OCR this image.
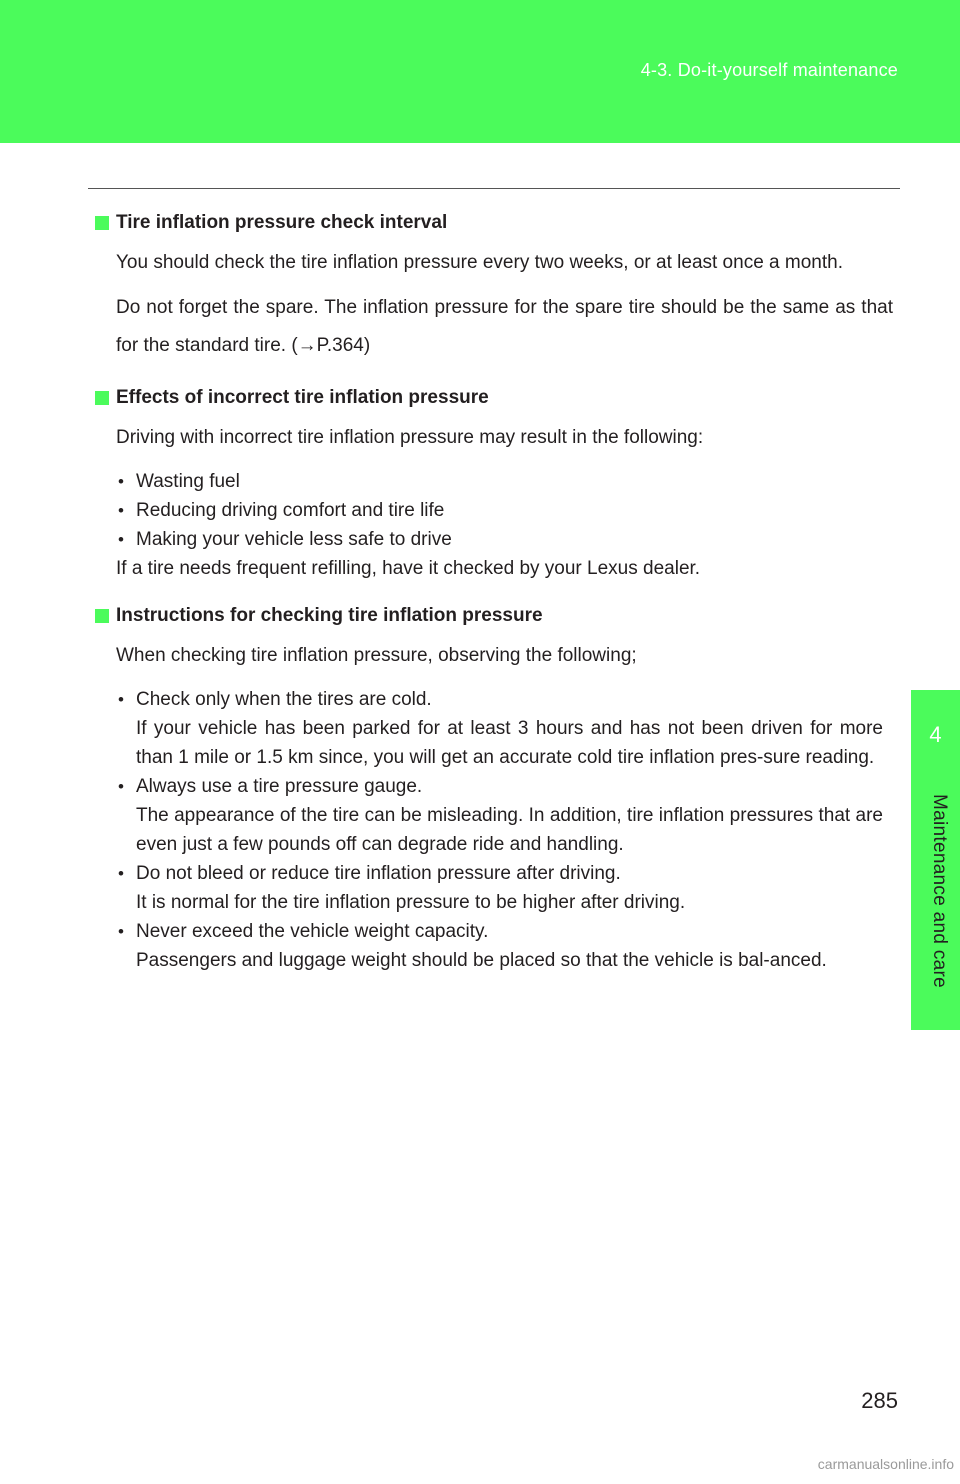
4-3. Do-it-yourself maintenance
4
Maintenance and care
Tire inflation pressure check interval
You should check the tire inflation pressure every two weeks, or at least once a month.
Do not forget the spare. The inflation pressure for the spare tire should be the same as that for the standard tire. (→P.364)
Effects of incorrect tire inflation pressure
Driving with incorrect tire inflation pressure may result in the following:
• Wasting fuel
• Reducing driving comfort and tire life
• Making your vehicle less safe to drive
If a tire needs frequent refilling, have it checked by your Lexus dealer.
Instructions for checking tire inflation pressure
When checking tire inflation pressure, observing the following;
• Check only when the tires are cold.
If your vehicle has been parked for at least 3 hours and has not been driven for more than 1 mile or 1.5 km since, you will get an accurate cold tire inflation pres-sure reading.
• Always use a tire pressure gauge.
The appearance of the tire can be misleading. In addition, tire inflation pressures that are even just a few pounds off can degrade ride and handling.
• Do not bleed or reduce tire inflation pressure after driving.
It is normal for the tire inflation pressure to be higher after driving.
• Never exceed the vehicle weight capacity.
Passengers and luggage weight should be placed so that the vehicle is bal-anced.
285
carmanualsonline.info
